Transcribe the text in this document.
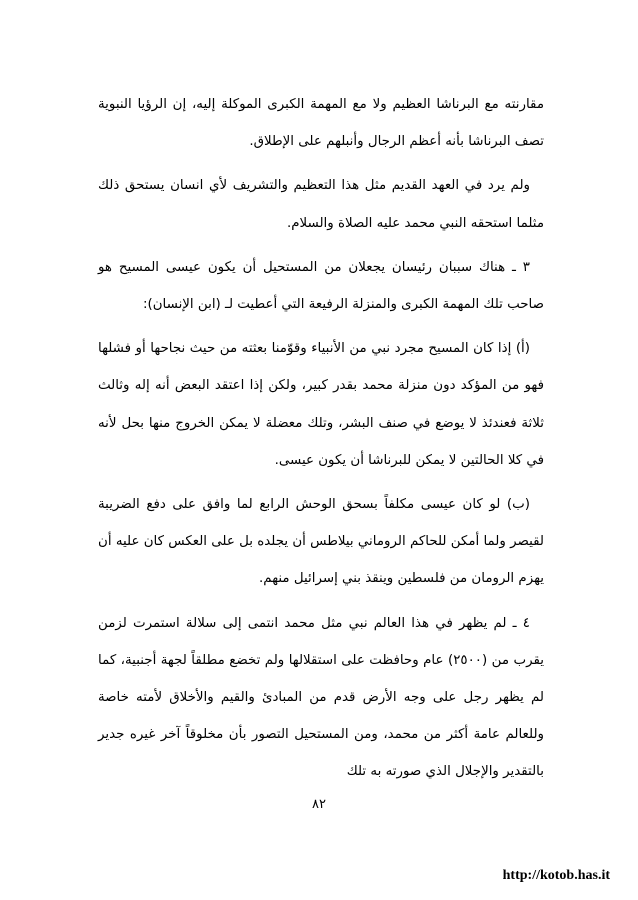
مقارنته مع البرناشا العظيم ولا مع المهمة الكبرى الموكلة إليه، إن الرؤيا النبوية تصف البرناشا بأنه أعظم الرجال وأنبلهم على الإطلاق.

ولم يرد في العهد القديم مثل هذا التعظيم والتشريف لأي انسان يستحق ذلك مثلما استحقه النبي محمد عليه الصلاة والسلام.

٣ ـ هناك سببان رئيسان يجعلان من المستحيل أن يكون عيسى المسيح هو صاحب تلك المهمة الكبرى والمنزلة الرفيعة التي أعطيت لـ (ابن الإنسان):

(أ) إذا كان المسيح مجرد نبي من الأنبياء وقوّمنا بعثته من حيث نجاحها أو فشلها فهو من المؤكد دون منزلة محمد بقدر كبير، ولكن إذا اعتقد البعض أنه إله وثالث ثلاثة فعندئذ لا يوضع في صنف البشر، وتلك معضلة لا يمكن الخروج منها بحل لأنه في كلا الحالتين لا يمكن للبرناشا أن يكون عيسى.

(ب) لو كان عيسى مكلفاً بسحق الوحش الرابع لما وافق على دفع الضريبة لقيصر ولما أمكن للحاكم الروماني بيلاطس أن يجلده بل على العكس كان عليه أن يهزم الرومان من فلسطين وينقذ بني إسرائيل منهم.

٤ ـ لم يظهر في هذا العالم نبي مثل محمد انتمى إلى سلالة استمرت لزمن يقرب من (٢٥٠٠) عام وحافظت على استقلالها ولم تخضع مطلقاً لجهة أجنبية، كما لم يظهر رجل على وجه الأرض قدم من المبادئ والقيم والأخلاق لأمته خاصة وللعالم عامة أكثر من محمد، ومن المستحيل التصور بأن مخلوقاً آخر غيره جدير بالتقدير والإجلال الذي صورته به تلك

٨٢
http://kotob.has.it
